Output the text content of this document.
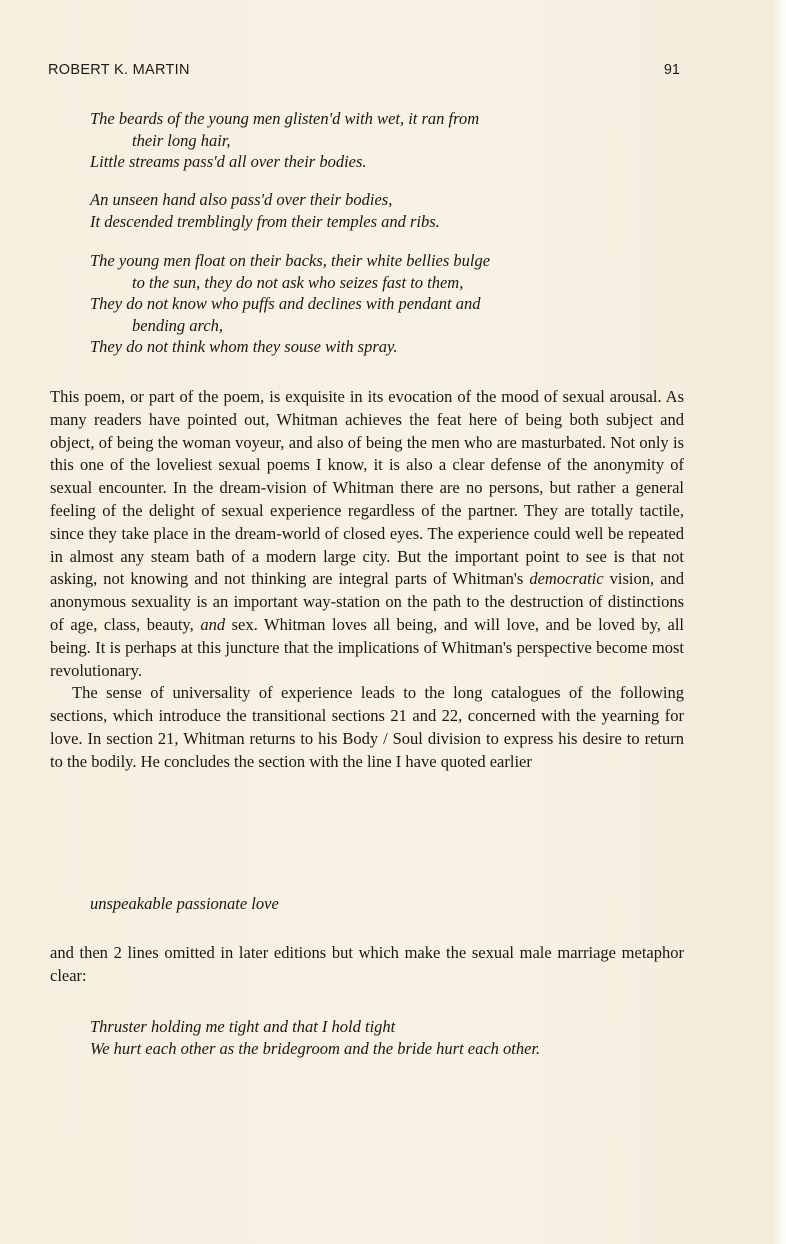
ROBERT K. MARTIN	91
The beards of the young men glisten'd with wet, it ran from
their long hair,
Little streams pass'd all over their bodies.
An unseen hand also pass'd over their bodies,
It descended tremblingly from their temples and ribs.
The young men float on their backs, their white bellies bulge
to the sun, they do not ask who seizes fast to them,
They do not know who puffs and declines with pendant and
bending arch,
They do not think whom they souse with spray.

This poem, or part of the poem, is exquisite in its evocation of the mood of sexual arousal. As many readers have pointed out, Whitman achieves the feat here of being both subject and object, of being the woman voyeur, and also of being the men who are masturbated. Not only is this one of the loveliest sexual poems I know, it is also a clear defense of the anonymity of sexual encounter. In the dream-vision of Whitman there are no persons, but rather a general feeling of the delight of sexual experience regardless of the partner. They are totally tactile, since they take place in the dream-world of closed eyes. The experience could well be repeated in almost any steam bath of a modern large city. But the important point to see is that not asking, not knowing and not thinking are integral parts of Whitman's democratic vision, and anonymous sexuality is an important way-station on the path to the destruction of distinctions of age, class, beauty, and sex. Whitman loves all being, and will love, and be loved by, all being. It is perhaps at this juncture that the implications of Whitman's perspective become most revolutionary.

The sense of universality of experience leads to the long catalogues of the following sections, which introduce the transitional sections 21 and 22, concerned with the yearning for love. In section 21, Whitman returns to his Body / Soul division to express his desire to return to the bodily. He concludes the section with the line I have quoted earlier

unspeakable passionate love

and then 2 lines omitted in later editions but which make the sexual male marriage metaphor clear:

Thruster holding me tight and that I hold tight
We hurt each other as the bridegroom and the bride hurt each other.
